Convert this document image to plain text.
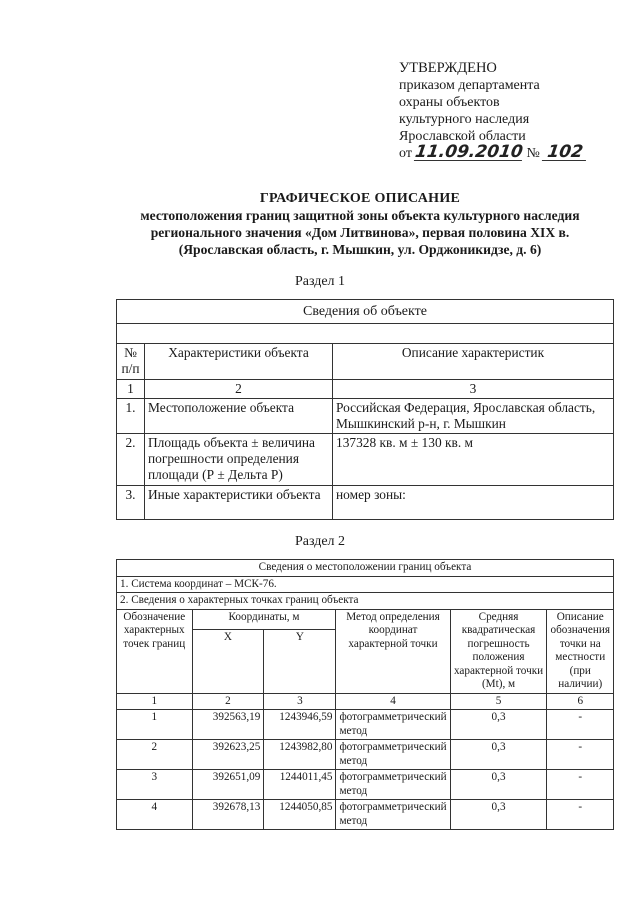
УТВЕРЖДЕНО
приказом департамента
охраны объектов
культурного наследия
Ярославской области
от 11.09.2010 № 102
ГРАФИЧЕСКОЕ ОПИСАНИЕ
местоположения границ защитной зоны объекта культурного наследия
регионального значения «Дом Литвинова», первая половина XIX в.
(Ярославская область, г. Мышкин, ул. Орджоникидзе, д. 6)
Раздел 1
Сведения об объекте		

№ п/п	Характеристики объекта	Описание характеристик
1	2	3
1.	Местоположение объекта	Российская Федерация, Ярославская область, Мышкинский р-н, г. Мышкин
2.	Площадь объекта ± величина погрешности определения площади (Р ± Дельта Р)	137328 кв. м ± 130 кв. м
3.	Иные характеристики объекта	номер зоны:
Раздел 2
Сведения о местоположении границ объекта					
1. Система координат – МСК-76.					
2. Сведения о характерных точках границ объекта					
Обозначение характерных точек границ	Координаты, м		Метод определения координат характерной точки	Средняя квадратическая погрешность положения характерной точки (Mt), м	Описание обозначения точки на местности (при наличии)
	X	Y			
1	2	3	4	5	6
1	392563,19	1243946,59	фотограмметрический метод	0,3	-
2	392623,25	1243982,80	фотограмметрический метод	0,3	-
3	392651,09	1244011,45	фотограмметрический метод	0,3	-
4	392678,13	1244050,85	фотограмметрический метод	0,3	-
